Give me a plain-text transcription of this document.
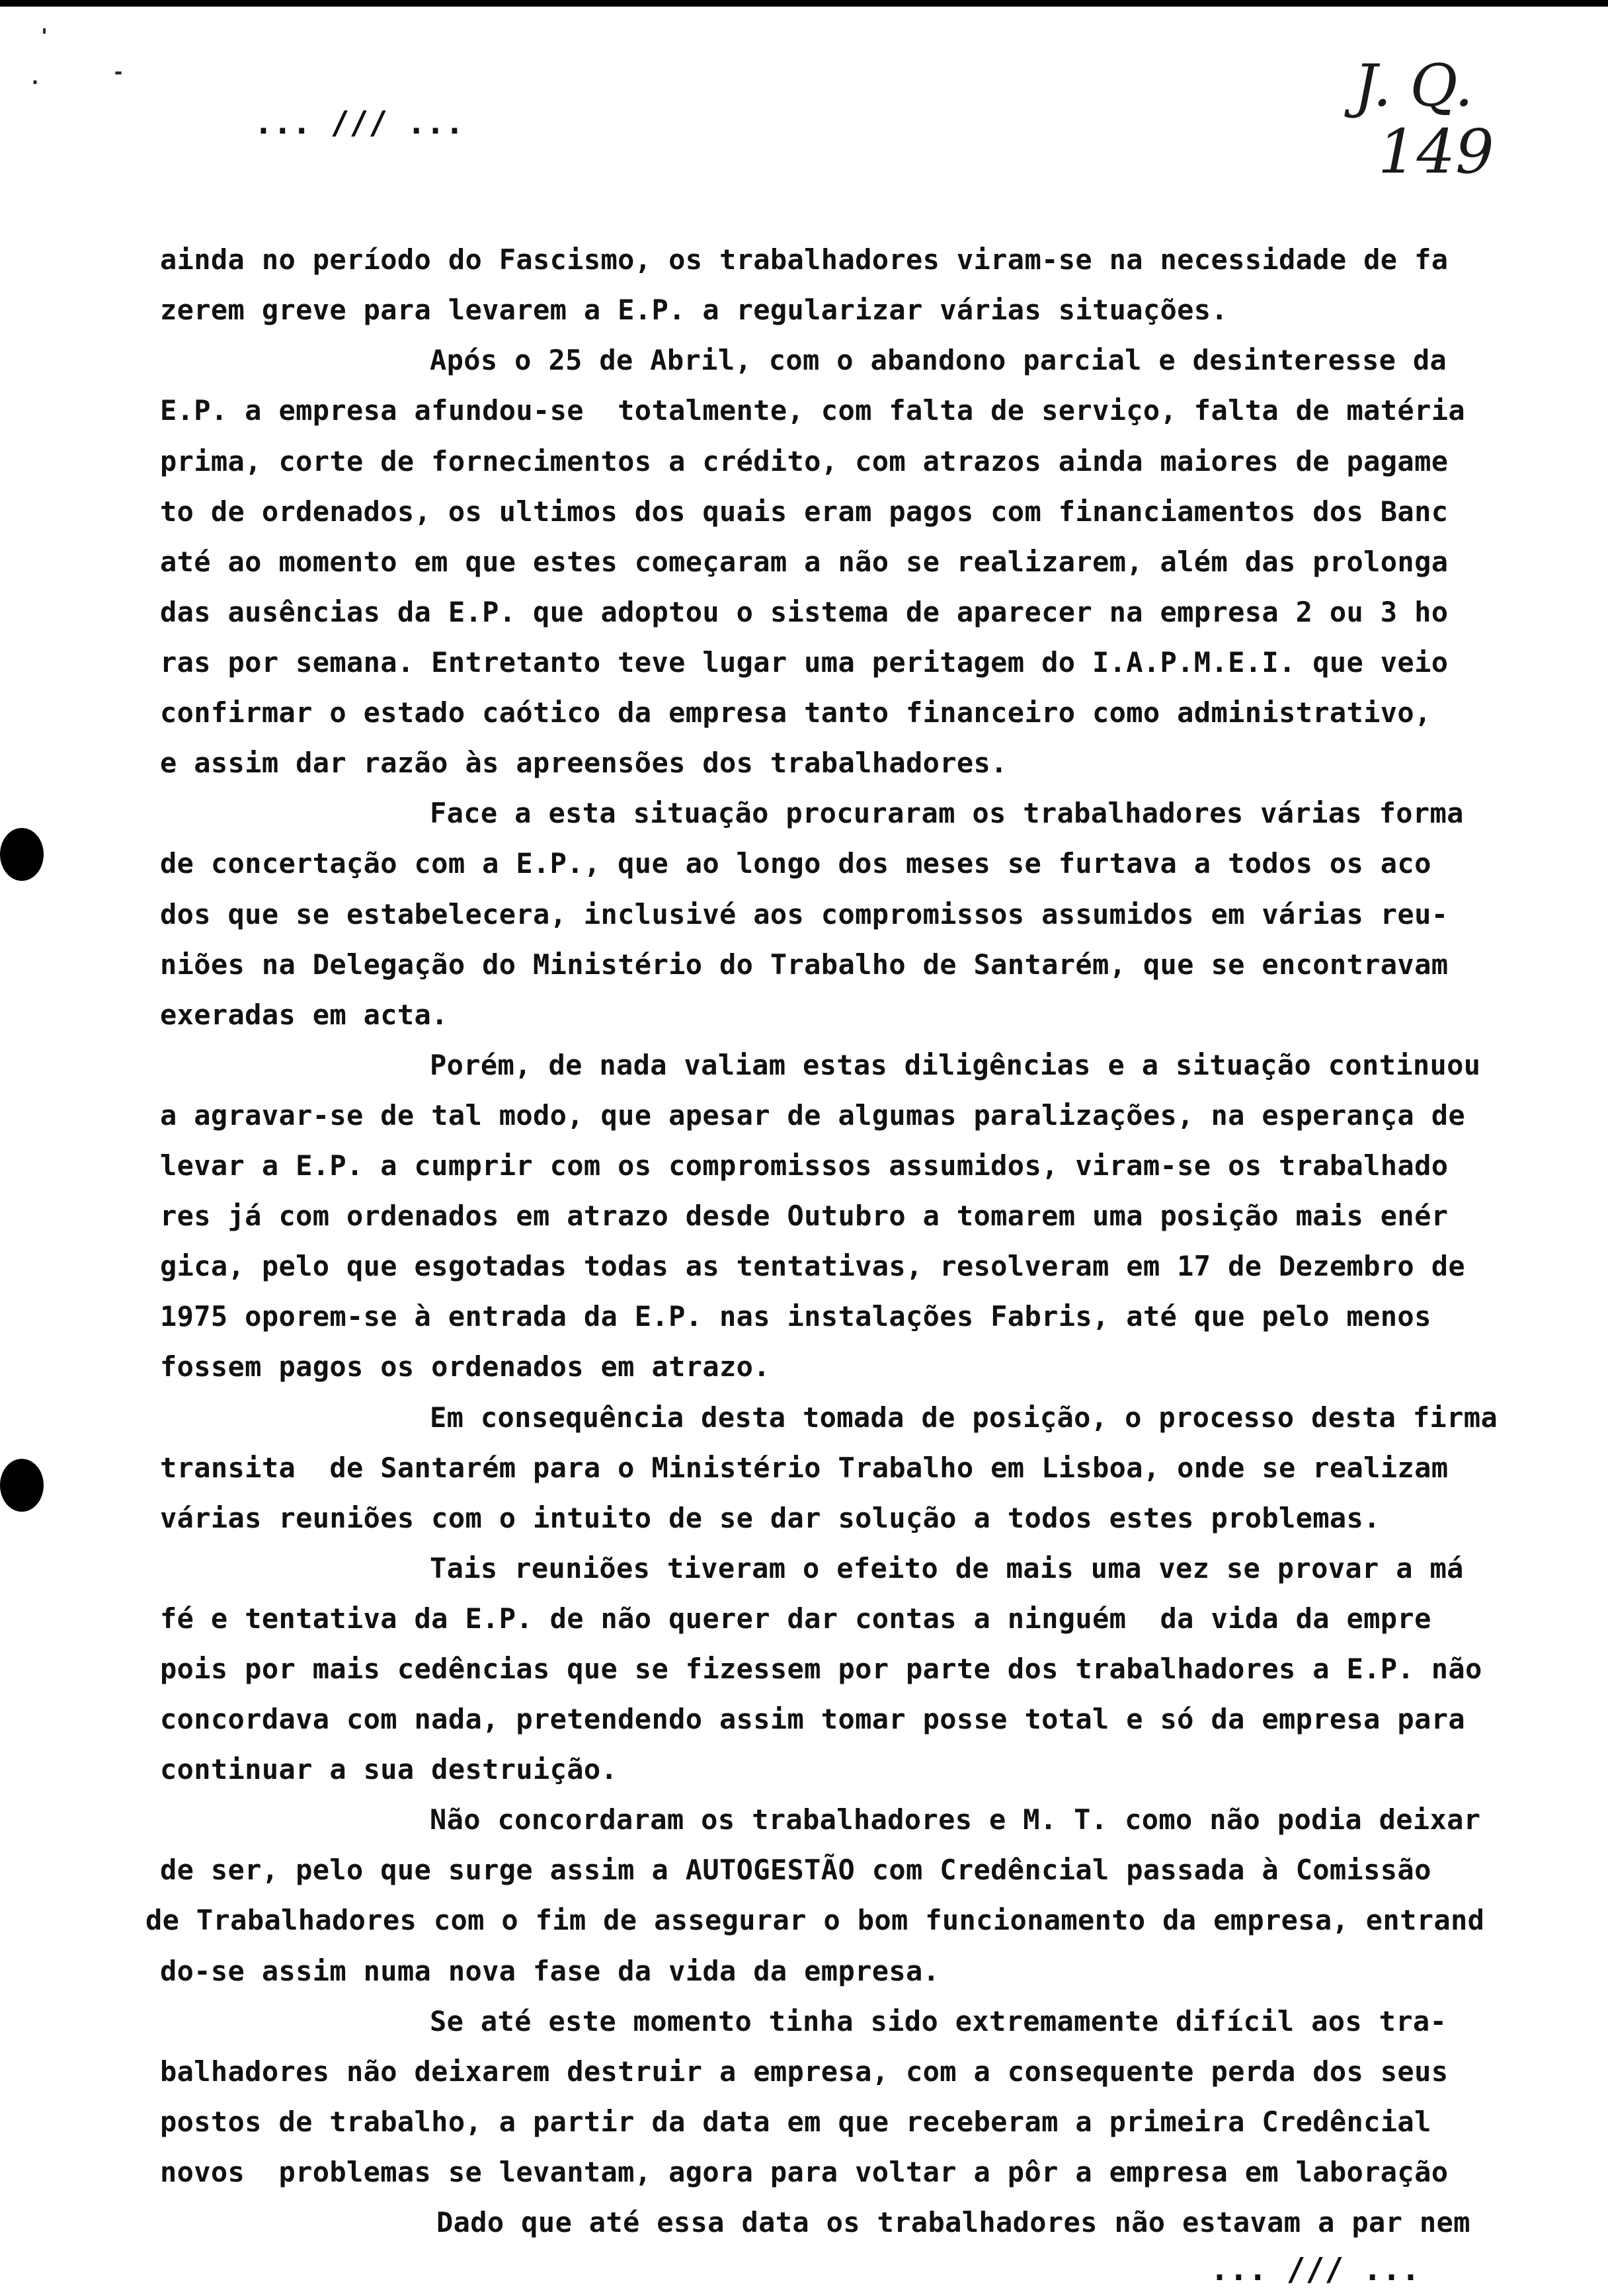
'
·	-
... /// ...
J. Q.
149
ainda no período do Fascismo, os trabalhadores viram-se na necessidade de fa
zerem greve para levarem a E.P. a regularizar várias situações.
Após o 25 de Abril, com o abandono parcial e desinteresse da
E.P. a empresa afundou-se  totalmente, com falta de serviço, falta de matéria
prima, corte de fornecimentos a crédito, com atrazos ainda maiores de pagame
to de ordenados, os ultimos dos quais eram pagos com financiamentos dos Banc
até ao momento em que estes começaram a não se realizarem, além das prolonga
das ausências da E.P. que adoptou o sistema de aparecer na empresa 2 ou 3 ho
ras por semana. Entretanto teve lugar uma peritagem do I.A.P.M.E.I. que veio
confirmar o estado caótico da empresa tanto financeiro como administrativo,
e assim dar razão às apreensões dos trabalhadores.
Face a esta situação procuraram os trabalhadores várias forma
de concertação com a E.P., que ao longo dos meses se furtava a todos os aco
dos que se estabelecera, inclusivé aos compromissos assumidos em várias reu-
niões na Delegação do Ministério do Trabalho de Santarém, que se encontravam
exeradas em acta.
Porém, de nada valiam estas diligências e a situação continuou
a agravar-se de tal modo, que apesar de algumas paralizações, na esperança de
levar a E.P. a cumprir com os compromissos assumidos, viram-se os trabalhado
res já com ordenados em atrazo desde Outubro a tomarem uma posição mais enér
gica, pelo que esgotadas todas as tentativas, resolveram em 17 de Dezembro de
1975 oporem-se à entrada da E.P. nas instalações Fabris, até que pelo menos
fossem pagos os ordenados em atrazo.
Em consequência desta tomada de posição, o processo desta firma
transita  de Santarém para o Ministério Trabalho em Lisboa, onde se realizam
várias reuniões com o intuito de se dar solução a todos estes problemas.
Tais reuniões tiveram o efeito de mais uma vez se provar a má
fé e tentativa da E.P. de não querer dar contas a ninguém  da vida da empre
pois por mais cedências que se fizessem por parte dos trabalhadores a E.P. não
concordava com nada, pretendendo assim tomar posse total e só da empresa para
continuar a sua destruição.
Não concordaram os trabalhadores e M. T. como não podia deixar
de ser, pelo que surge assim a AUTOGESTÃO com Credêncial passada à Comissão
de Trabalhadores com o fim de assegurar o bom funcionamento da empresa, entrand
do-se assim numa nova fase da vida da empresa.
Se até este momento tinha sido extremamente difícil aos tra-
balhadores não deixarem destruir a empresa, com a consequente perda dos seus
postos de trabalho, a partir da data em que receberam a primeira Credêncial
novos  problemas se levantam, agora para voltar a pôr a empresa em laboração
Dado que até essa data os trabalhadores não estavam a par nem
... /// ...
